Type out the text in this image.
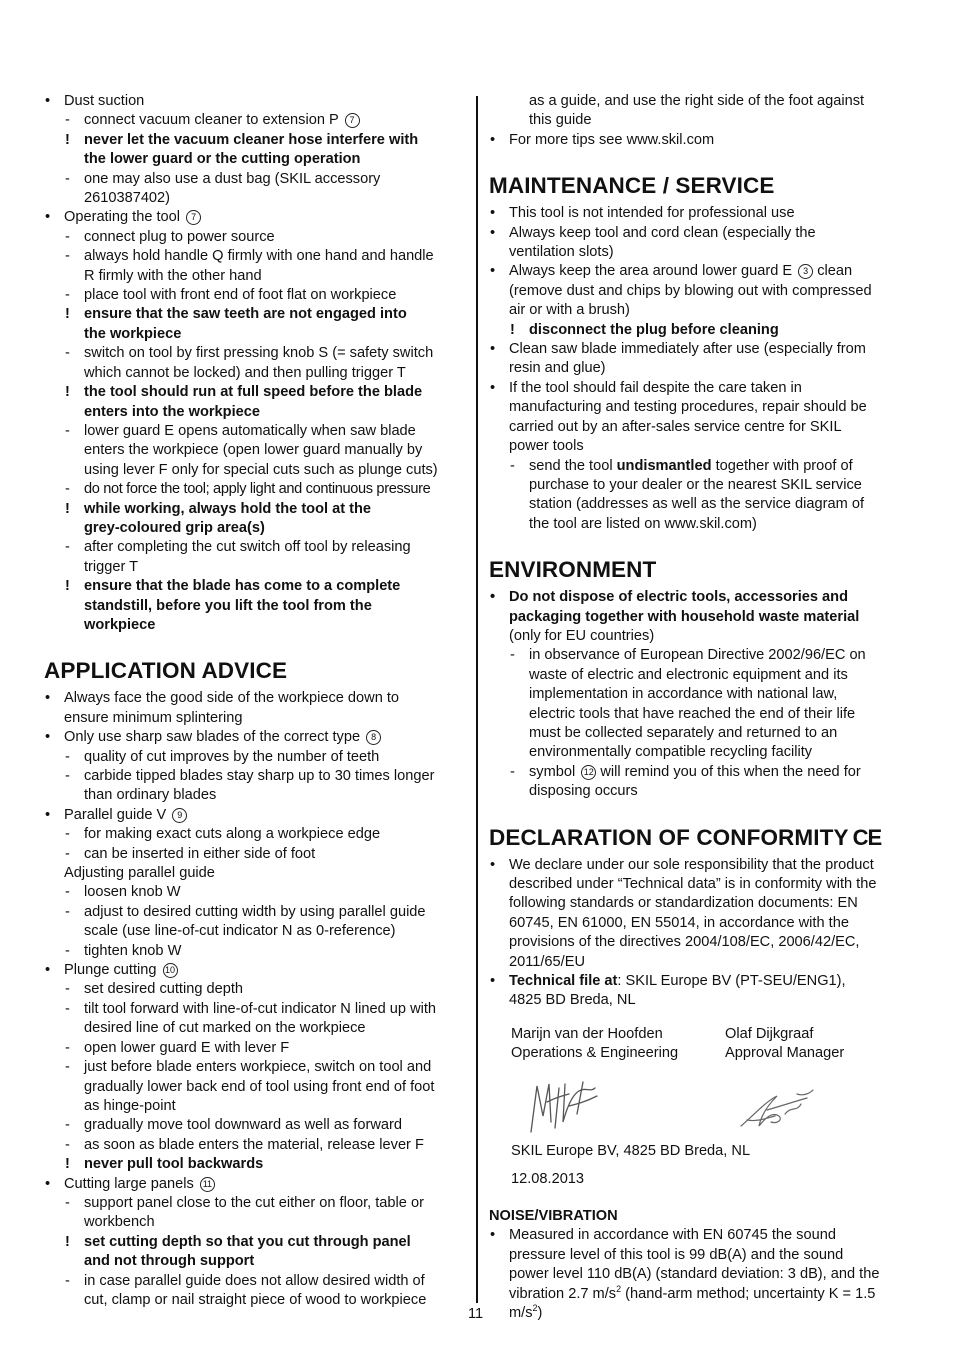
• Dust suction
- connect vacuum cleaner to extension P 7
! never let the vacuum cleaner hose interfere with
the lower guard or the cutting operation
- one may also use a dust bag (SKIL accessory
2610387402)
• Operating the tool 7
- connect plug to power source
- always hold handle Q firmly with one hand and handle
R firmly with the other hand
- place tool with front end of foot flat on workpiece
! ensure that the saw teeth are not engaged into
the workpiece
- switch on tool by first pressing knob S (= safety switch
which cannot be locked) and then pulling trigger T
! the tool should run at full speed before the blade
enters into the workpiece
- lower guard E opens automatically when saw blade
enters the workpiece (open lower guard manually by
using lever F only for special cuts such as plunge cuts)
- do not force the tool; apply light and continuous pressure
! while working, always hold the tool at the
grey-coloured grip area(s)
- after completing the cut switch off tool by releasing
trigger T
! ensure that the blade has come to a complete
standstill, before you lift the tool from the
workpiece
APPLICATION ADVICE
• Always face the good side of the workpiece down to
ensure minimum splintering
• Only use sharp saw blades of the correct type 8
- quality of cut improves by the number of teeth
- carbide tipped blades stay sharp up to 30 times longer
than ordinary blades
• Parallel guide V 9
- for making exact cuts along a workpiece edge
- can be inserted in either side of foot
Adjusting parallel guide
- loosen knob W
- adjust to desired cutting width by using parallel guide
scale (use line-of-cut indicator N as 0-reference)
- tighten knob W
• Plunge cutting 10
- set desired cutting depth
- tilt tool forward with line-of-cut indicator N lined up with
desired line of cut marked on the workpiece
- open lower guard E with lever F
- just before blade enters workpiece, switch on tool and
gradually lower back end of tool using front end of foot
as hinge-point
- gradually move tool downward as well as forward
- as soon as blade enters the material, release lever F
! never pull tool backwards
• Cutting large panels 11
- support panel close to the cut either on floor, table or
workbench
! set cutting depth so that you cut through panel
and not through support
- in case parallel guide does not allow desired width of
cut, clamp or nail straight piece of wood to workpiece
as a guide, and use the right side of the foot against
this guide
• For more tips see www.skil.com
MAINTENANCE / SERVICE
• This tool is not intended for professional use
• Always keep tool and cord clean (especially the
ventilation slots)
• Always keep the area around lower guard E 3 clean
(remove dust and chips by blowing out with compressed
air or with a brush)
! disconnect the plug before cleaning
• Clean saw blade immediately after use (especially from
resin and glue)
• If the tool should fail despite the care taken in
manufacturing and testing procedures, repair should be
carried out by an after-sales service centre for SKIL
power tools
- send the tool undismantled together with proof of
purchase to your dealer or the nearest SKIL service
station (addresses as well as the service diagram of
the tool are listed on www.skil.com)
ENVIRONMENT
• Do not dispose of electric tools, accessories and
packaging together with household waste material
(only for EU countries)
- in observance of European Directive 2002/96/EC on
waste of electric and electronic equipment and its
implementation in accordance with national law,
electric tools that have reached the end of their life
must be collected separately and returned to an
environmentally compatible recycling facility
- symbol 12 will remind you of this when the need for
disposing occurs
DECLARATION OF CONFORMITY CE
• We declare under our sole responsibility that the product
described under “Technical data” is in conformity with the
following standards or standardization documents: EN
60745, EN 61000, EN 55014, in accordance with the
provisions of the directives 2004/108/EC, 2006/42/EC,
2011/65/EU
• Technical file at: SKIL Europe BV (PT-SEU/ENG1),
4825 BD Breda, NL
Marijn van der Hoofden
Operations & Engineering
Olaf Dijkgraaf
Approval Manager
SKIL Europe BV, 4825 BD Breda, NL
12.08.2013
NOISE/VIBRATION
• Measured in accordance with EN 60745 the sound
pressure level of this tool is 99 dB(A) and the sound
power level 110 dB(A) (standard deviation: 3 dB), and the
vibration 2.7 $m/s^2$ (hand-arm method; uncertainty K = 1.5
$m/s^2$)
11
